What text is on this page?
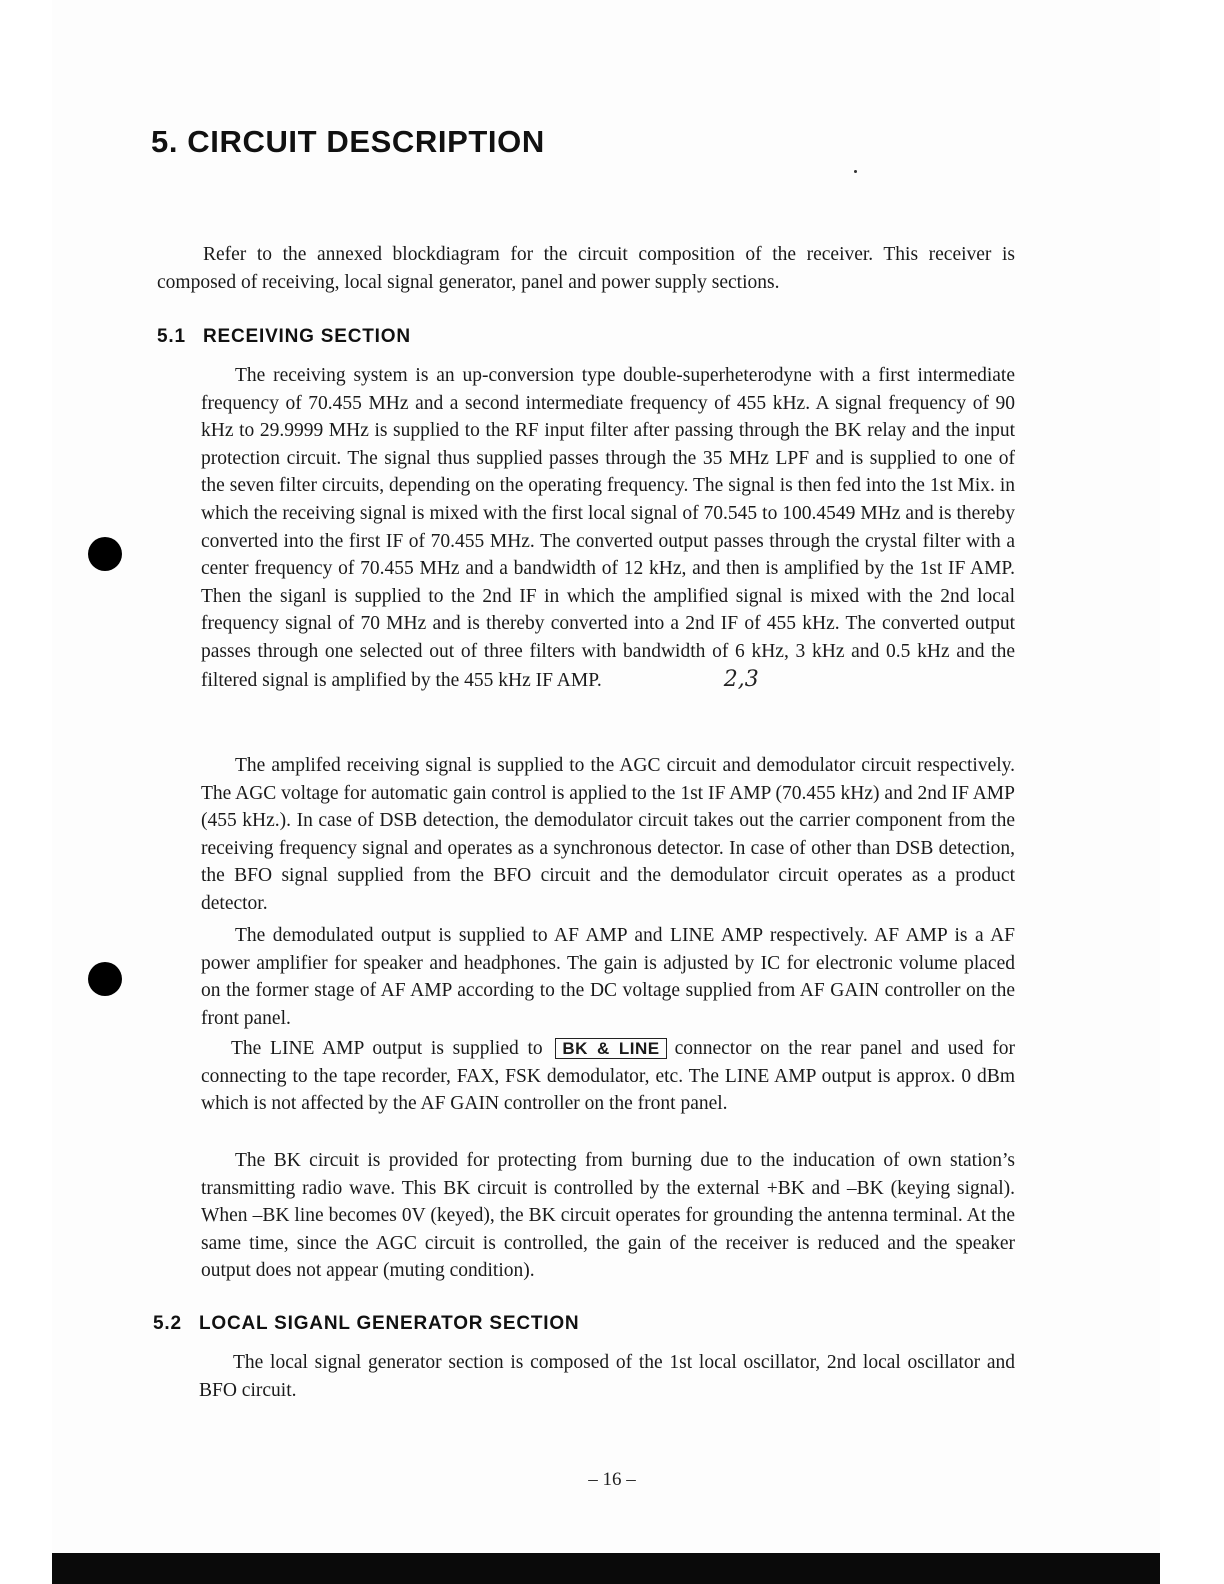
5. CIRCUIT DESCRIPTION

Refer to the annexed blockdiagram for the circuit composition of the receiver. This receiver is composed of receiving, local signal generator, panel and power supply sections.

5.1 RECEIVING SECTION

The receiving system is an up-conversion type double-superheterodyne with a first intermediate frequency of 70.455 MHz and a second intermediate frequency of 455 kHz. A signal frequency of 90 kHz to 29.9999 MHz is supplied to the RF input filter after passing through the BK relay and the input protection circuit. The signal thus supplied passes through the 35 MHz LPF and is supplied to one of the seven filter circuits, depending on the operating frequency. The signal is then fed into the 1st Mix. in which the receiving signal is mixed with the first local signal of 70.545 to 100.4549 MHz and is thereby converted into the first IF of 70.455 MHz. The converted output passes through the crystal filter with a center frequency of 70.455 MHz and a bandwidth of 12 kHz, and then is amplified by the 1st IF AMP. Then the siganl is supplied to the 2nd IF in which the amplified signal is mixed with the 2nd local frequency signal of 70 MHz and is thereby converted into a 2nd IF of 455 kHz. The converted output passes through one selected out of three filters with bandwidth of 6 kHz, 3 kHz and 0.5 kHz and the filtered signal is amplified by the 455 kHz IF AMP.	2,3

The amplifed receiving signal is supplied to the AGC circuit and demodulator circuit respectively. The AGC voltage for automatic gain control is applied to the 1st IF AMP (70.455 kHz) and 2nd IF AMP (455 kHz.). In case of DSB detection, the demodulator circuit takes out the carrier component from the receiving frequency signal and operates as a synchronous detector. In case of other than DSB detection, the BFO signal supplied from the BFO circuit and the demodulator circuit operates as a product detector.

The demodulated output is supplied to AF AMP and LINE AMP respectively. AF AMP is a AF power amplifier for speaker and headphones. The gain is adjusted by IC for electronic volume placed on the former stage of AF AMP according to the DC voltage supplied from AF GAIN controller on the front panel.

The LINE AMP output is supplied to BK & LINE connector on the rear panel and used for connecting to the tape recorder, FAX, FSK demodulator, etc. The LINE AMP output is approx. 0 dBm which is not affected by the AF GAIN controller on the front panel.

The BK circuit is provided for protecting from burning due to the inducation of own station’s transmitting radio wave. This BK circuit is controlled by the external +BK and –BK (keying signal). When –BK line becomes 0V (keyed), the BK circuit operates for grounding the antenna terminal. At the same time, since the AGC circuit is controlled, the gain of the receiver is reduced and the speaker output does not appear (muting condition).

5.2 LOCAL SIGANL GENERATOR SECTION

The local signal generator section is composed of the 1st local oscillator, 2nd local oscillator and BFO circuit.

– 16 –
